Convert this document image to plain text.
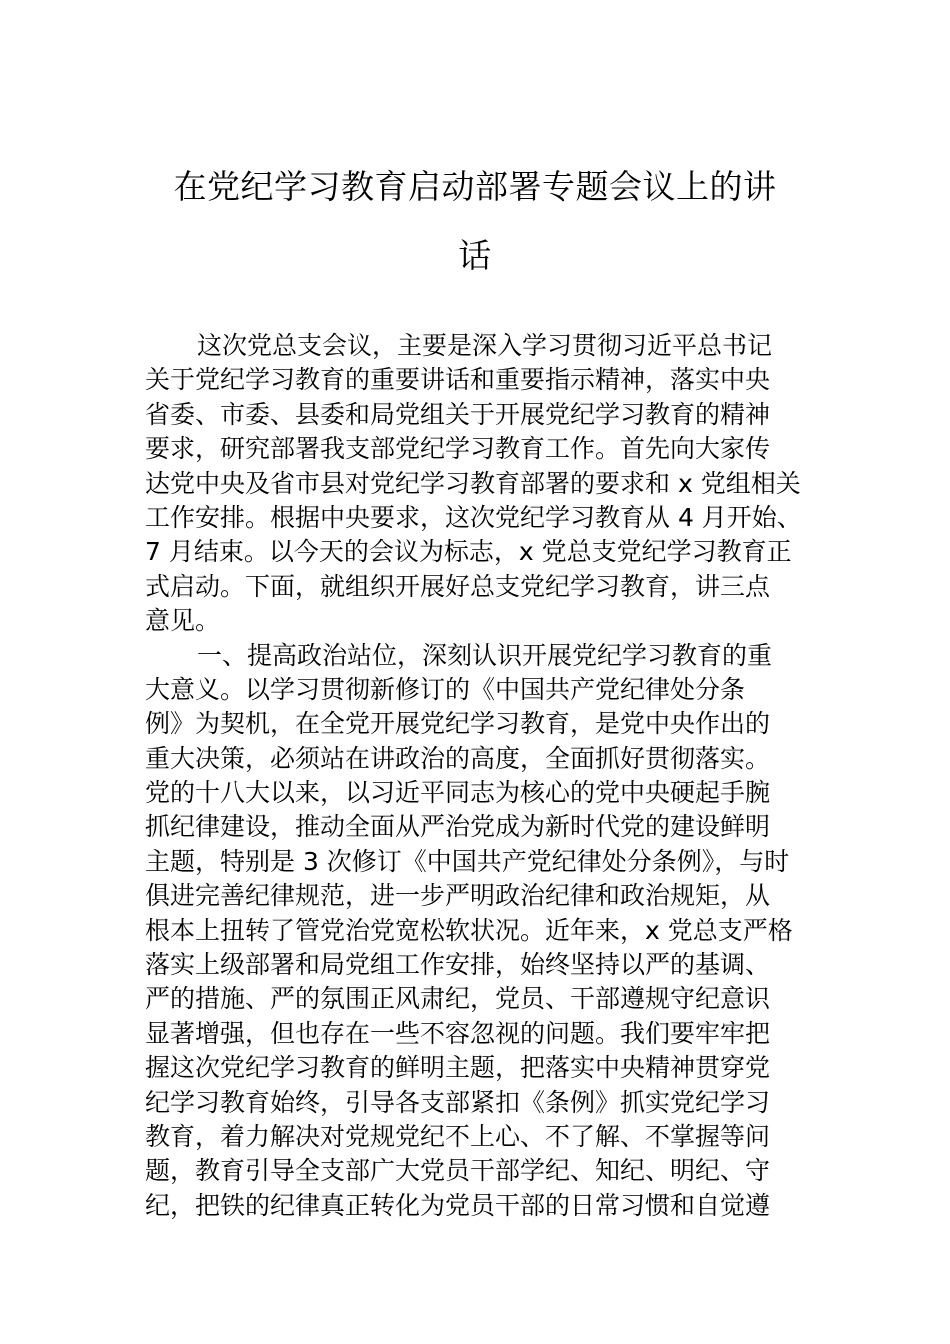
在党纪学习教育启动部署专题会议上的讲
话
这次党总支会议，主要是深入学习贯彻习近平总书记
关于党纪学习教育的重要讲话和重要指示精神，落实中央
省委、市委、县委和局党组关于开展党纪学习教育的精神
要求，研究部署我支部党纪学习教育工作。首先向大家传
达党中央及省市县对党纪学习教育部署的要求和 x 党组相关
工作安排。根据中央要求，这次党纪学习教育从 4 月开始、
7 月结束。以今天的会议为标志，x 党总支党纪学习教育正
式启动。下面，就组织开展好总支党纪学习教育，讲三点
意见。
一、提高政治站位，深刻认识开展党纪学习教育的重
大意义。以学习贯彻新修订的《中国共产党纪律处分条
例》为契机，在全党开展党纪学习教育，是党中央作出的
重大决策，必须站在讲政治的高度，全面抓好贯彻落实。
党的十八大以来，以习近平同志为核心的党中央硬起手腕
抓纪律建设，推动全面从严治党成为新时代党的建设鲜明
主题，特别是 3 次修订《中国共产党纪律处分条例》，与时
俱进完善纪律规范，进一步严明政治纪律和政治规矩，从
根本上扭转了管党治党宽松软状况。近年来，x 党总支严格
落实上级部署和局党组工作安排，始终坚持以严的基调、
严的措施、严的氛围正风肃纪，党员、干部遵规守纪意识
显著增强，但也存在一些不容忽视的问题。我们要牢牢把
握这次党纪学习教育的鲜明主题，把落实中央精神贯穿党
纪学习教育始终，引导各支部紧扣《条例》抓实党纪学习
教育，着力解决对党规党纪不上心、不了解、不掌握等问
题，教育引导全支部广大党员干部学纪、知纪、明纪、守
纪，把铁的纪律真正转化为党员干部的日常习惯和自觉遵
